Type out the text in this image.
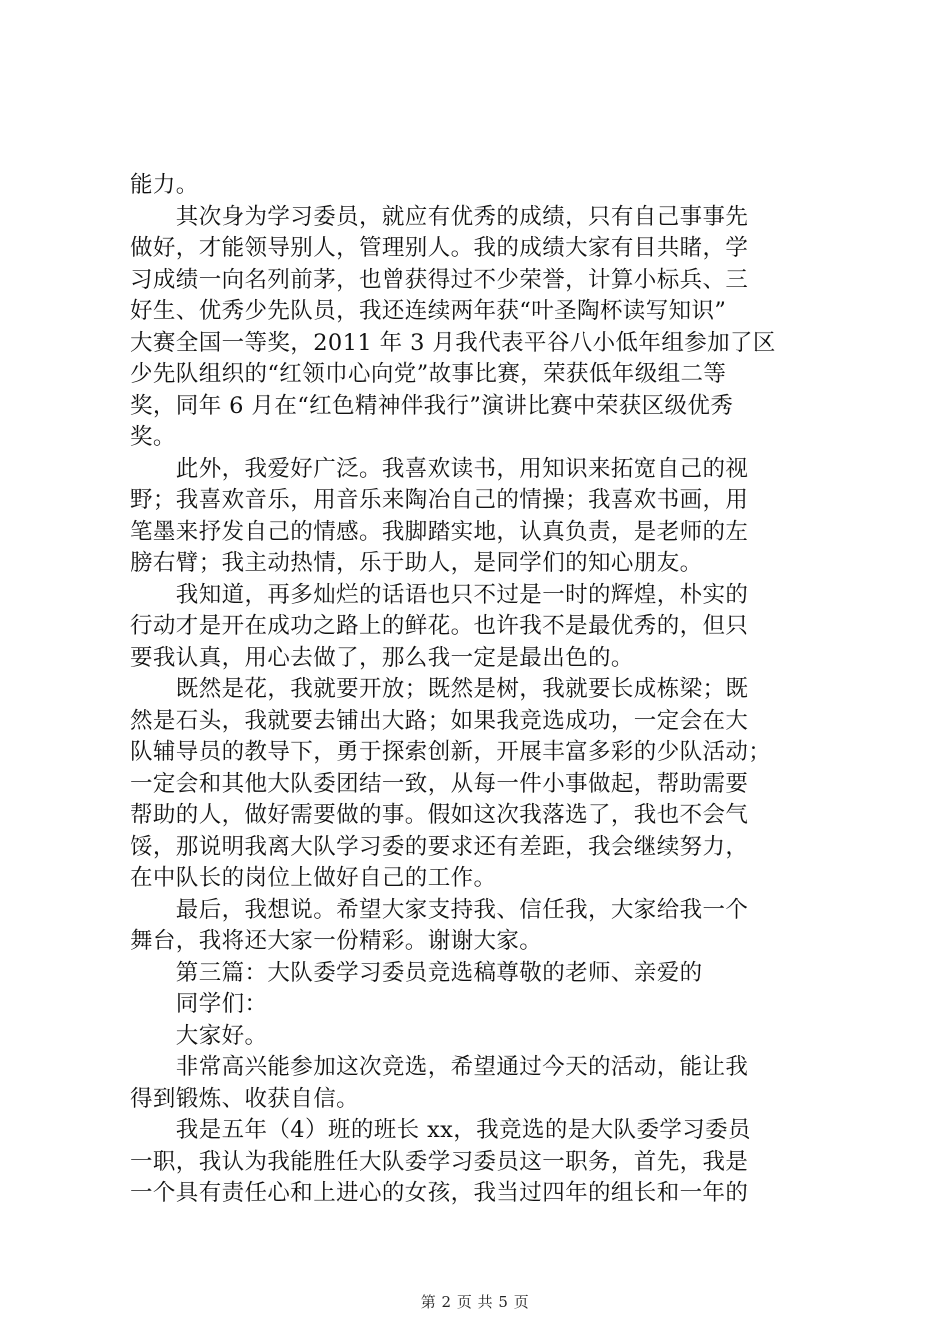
能力。
　　其次身为学习委员，就应有优秀的成绩，只有自己事事先
做好，才能领导别人，管理别人。我的成绩大家有目共睹，学
习成绩一向名列前茅，也曾获得过不少荣誉，计算小标兵、三
好生、优秀少先队员，我还连续两年获“叶圣陶杯读写知识”
大赛全国一等奖，2011 年 3 月我代表平谷八小低年组参加了区
少先队组织的“红领巾心向党”故事比赛，荣获低年级组二等
奖，同年 6 月在“红色精神伴我行”演讲比赛中荣获区级优秀
奖。
　　此外，我爱好广泛。我喜欢读书，用知识来拓宽自己的视
野；我喜欢音乐，用音乐来陶冶自己的情操；我喜欢书画，用
笔墨来抒发自己的情感。我脚踏实地，认真负责，是老师的左
膀右臂；我主动热情，乐于助人，是同学们的知心朋友。
　　我知道，再多灿烂的话语也只不过是一时的辉煌，朴实的
行动才是开在成功之路上的鲜花。也许我不是最优秀的，但只
要我认真，用心去做了，那么我一定是最出色的。
　　既然是花，我就要开放；既然是树，我就要长成栋梁；既
然是石头，我就要去铺出大路；如果我竞选成功，一定会在大
队辅导员的教导下，勇于探索创新，开展丰富多彩的少队活动；
一定会和其他大队委团结一致，从每一件小事做起，帮助需要
帮助的人，做好需要做的事。假如这次我落选了，我也不会气
馁，那说明我离大队学习委的要求还有差距，我会继续努力，
在中队长的岗位上做好自己的工作。
　　最后，我想说。希望大家支持我、信任我，大家给我一个
舞台，我将还大家一份精彩。谢谢大家。
　　第三篇：大队委学习委员竞选稿尊敬的老师、亲爱的
　　同学们：
　　大家好。
　　非常高兴能参加这次竞选，希望通过今天的活动，能让我
得到锻炼、收获自信。
　　我是五年（4）班的班长 xx，我竞选的是大队委学习委员
一职，我认为我能胜任大队委学习委员这一职务，首先，我是
一个具有责任心和上进心的女孩，我当过四年的组长和一年的
第 2 页 共 5 页
